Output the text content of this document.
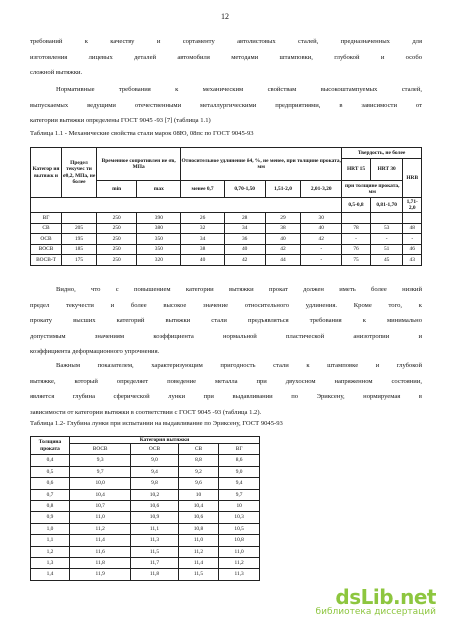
12
требований к качеству и сортаменту автолистовых сталей, предназначенных для
изготовления лицевых деталей автомобиля методами штамповки, глубокой и особо
сложной вытяжки.
Нормативные требования к механическим свойствам высокоштампуемых сталей,
выпускаемых ведущими отечественными металлургическими предприятиями, в зависимости от
категории вытяжки определены ГОСТ 9045 -93 [7] (таблица 1.1)
Таблица 1.1 - Механические свойства стали марок 08Ю, 08пс по ГОСТ 9045-93
Категор ия вытяжк и	Предел текучес ти σ0,2, МПа, не более	Временное сопротивлен ие σв, МПа		Относительное удлинение δ4, %, не менее, при толщине проката, мм				Твердость, не более		
								HRT 15	HRT 30	HRB
		min	max	менее 0,7	0,70-1,50	1,51-2,0	2,01-3,20	при толщине проката, мм		
								0,5-0,8	0,81-1,70	1,71-2,0
ВГ		250	390	26	28	29	30			
СВ	205	250	380	32	34	38	40	78	53	48
ОСВ	195	250	350	34	36	40	42	-	-	-
ВОСВ	185	250	350	38	40	42	-	76	51	46
ВОСВ-Т	175	250	320	40	42	44	-	75	45	43
Видно, что с повышением категории вытяжки прокат должен иметь более низкий
предел текучести и более высокое значение относительного удлинения. Кроме того, к
прокату высших категорий вытяжки стали предъявляться требования к минимально
допустимым значениям коэффициента нормальной пластической анизотропии и
коэффициента деформационного упрочнения.
Важным показателем, характеризующим пригодность стали к штамповке и глубокой
вытяжке, который определяет поведение металла при двухосном напряженном состоянии,
является глубина сферической лунки при выдавливании по Эриксену, нормируемая в
зависимости от категории вытяжки в соответствии с ГОСТ 9045 -93 (таблица 1.2).
Таблица 1.2- Глубина лунки при испытании на выдавливание по Эриксену, ГОСТ 9045-93
Толщина проката	Категория вытяжки			
	ВОСВ	ОСВ	СВ	ВГ
0,4	9,3	9,0	8,8	8,6
0,5	9,7	9,4	9,2	9,0
0,6	10,0	9,8	9,6	9,4
0,7	10,4	10,2	10	9,7
0,8	10,7	10,6	10,4	10
0,9	11,0	10,9	10,6	10,3
1,0	11,2	11,1	10,8	10,5
1,1	11,4	11,3	11,0	10,8
1,2	11,6	11,5	11,2	11,0
1,3	11,8	11,7	11,4	11,2
1,4	11,9	11,8	11,5	11,3
dsLib.net
библиотека диссертаций
